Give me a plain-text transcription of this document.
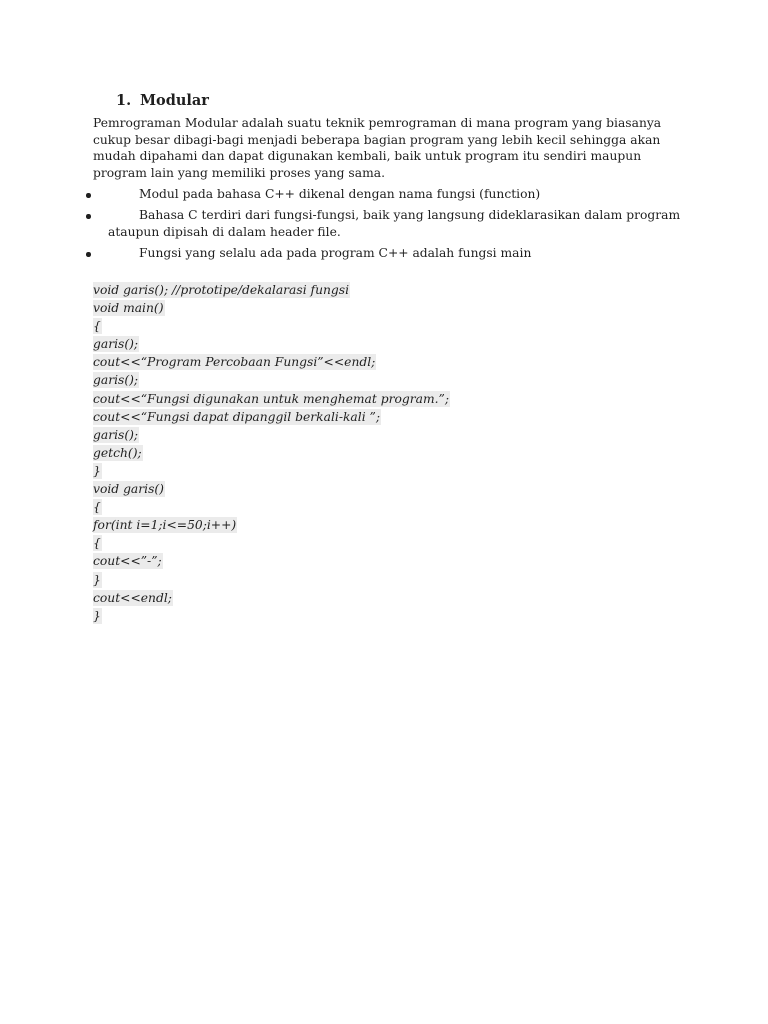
1. Modular

Pemrograman Modular adalah suatu teknik pemrograman di mana program yang biasanya cukup besar dibagi-bagi menjadi beberapa bagian program yang lebih kecil sehingga akan mudah dipahami dan dapat digunakan kembali, baik untuk program itu sendiri maupun program lain yang memiliki proses yang sama.

Modul pada bahasa C++ dikenal dengan nama fungsi (function)
Bahasa C terdiri dari fungsi-fungsi, baik yang langsung dideklarasikan dalam program ataupun dipisah di dalam header file.
Fungsi yang selalu ada pada program C++ adalah fungsi main
void garis(); //prototipe/dekalarasi fungsi
void main()
{
garis();
cout<<“Program Percobaan Fungsi”<<endl;
garis();
cout<<“Fungsi digunakan untuk menghemat program.”;
cout<<“Fungsi dapat dipanggil berkali-kali ”;
garis();
getch();
}
void garis()
{
for(int i=1;i<=50;i++)
{
cout<<”-”;
}
cout<<endl;
}
